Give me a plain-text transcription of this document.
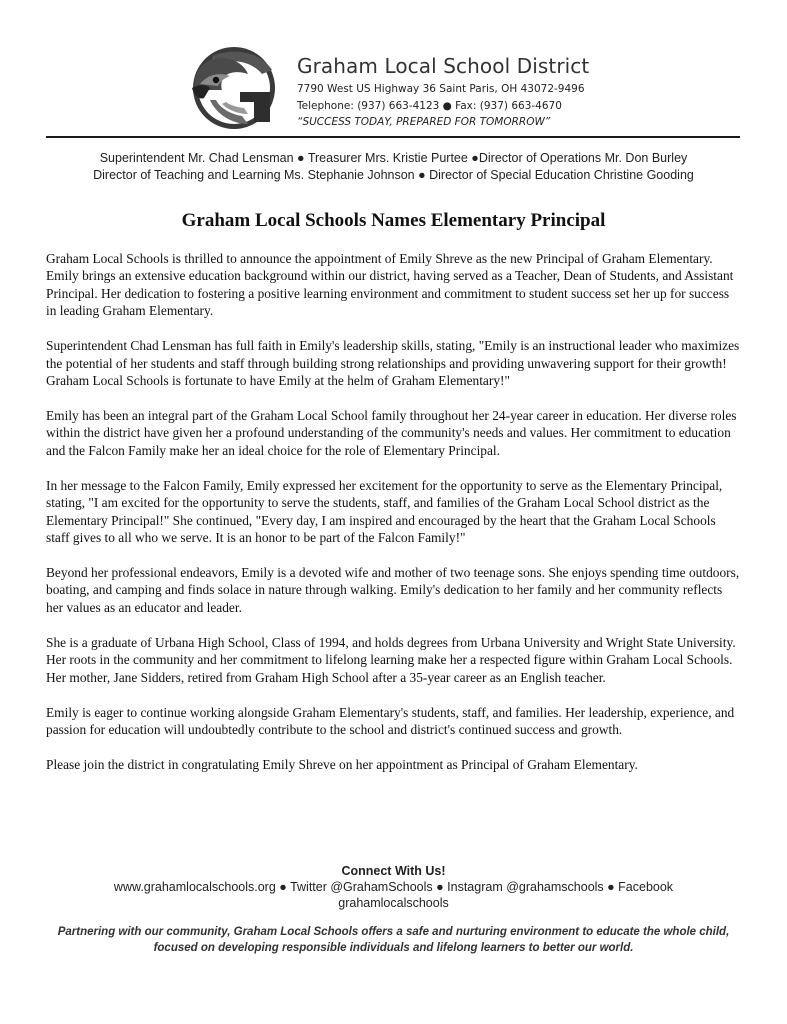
Graham Local School District
7790 West US Highway 36 Saint Paris, OH 43072-9496
Telephone: (937) 663-4123 ● Fax: (937) 663-4670
“SUCCESS TODAY, PREPARED FOR TOMORROW”
Superintendent Mr. Chad Lensman ● Treasurer Mrs. Kristie Purtee ●Director of Operations Mr. Don Burley
Director of Teaching and Learning Ms. Stephanie Johnson ● Director of Special Education Christine Gooding
Graham Local Schools Names Elementary Principal

Graham Local Schools is thrilled to announce the appointment of Emily Shreve as the new Principal of Graham Elementary. Emily brings an extensive education background within our district, having served as a Teacher, Dean of Students, and Assistant Principal. Her dedication to fostering a positive learning environment and commitment to student success set her up for success in leading Graham Elementary.

Superintendent Chad Lensman has full faith in Emily's leadership skills, stating, "Emily is an instructional leader who maximizes the potential of her students and staff through building strong relationships and providing unwavering support for their growth! Graham Local Schools is fortunate to have Emily at the helm of Graham Elementary!"

Emily has been an integral part of the Graham Local School family throughout her 24-year career in education. Her diverse roles within the district have given her a profound understanding of the community's needs and values. Her commitment to education and the Falcon Family make her an ideal choice for the role of Elementary Principal.

In her message to the Falcon Family, Emily expressed her excitement for the opportunity to serve as the Elementary Principal, stating, "I am excited for the opportunity to serve the students, staff, and families of the Graham Local School district as the Elementary Principal!" She continued, "Every day, I am inspired and encouraged by the heart that the Graham Local Schools staff gives to all who we serve. It is an honor to be part of the Falcon Family!"

Beyond her professional endeavors, Emily is a devoted wife and mother of two teenage sons. She enjoys spending time outdoors, boating, and camping and finds solace in nature through walking. Emily's dedication to her family and her community reflects her values as an educator and leader.

She is a graduate of Urbana High School, Class of 1994, and holds degrees from Urbana University and Wright State University. Her roots in the community and her commitment to lifelong learning make her a respected figure within Graham Local Schools. Her mother, Jane Sidders, retired from Graham High School after a 35-year career as an English teacher.

Emily is eager to continue working alongside Graham Elementary's students, staff, and families. Her leadership, experience, and passion for education will undoubtedly contribute to the school and district's continued success and growth.

Please join the district in congratulating Emily Shreve on her appointment as Principal of Graham Elementary.

Connect With Us!
www.grahamlocalschools.org ● Twitter @GrahamSchools ● Instagram @grahamschools ● Facebook grahamlocalschools
Partnering with our community, Graham Local Schools offers a safe and nurturing environment to educate the whole child, focused on developing responsible individuals and lifelong learners to better our world.
